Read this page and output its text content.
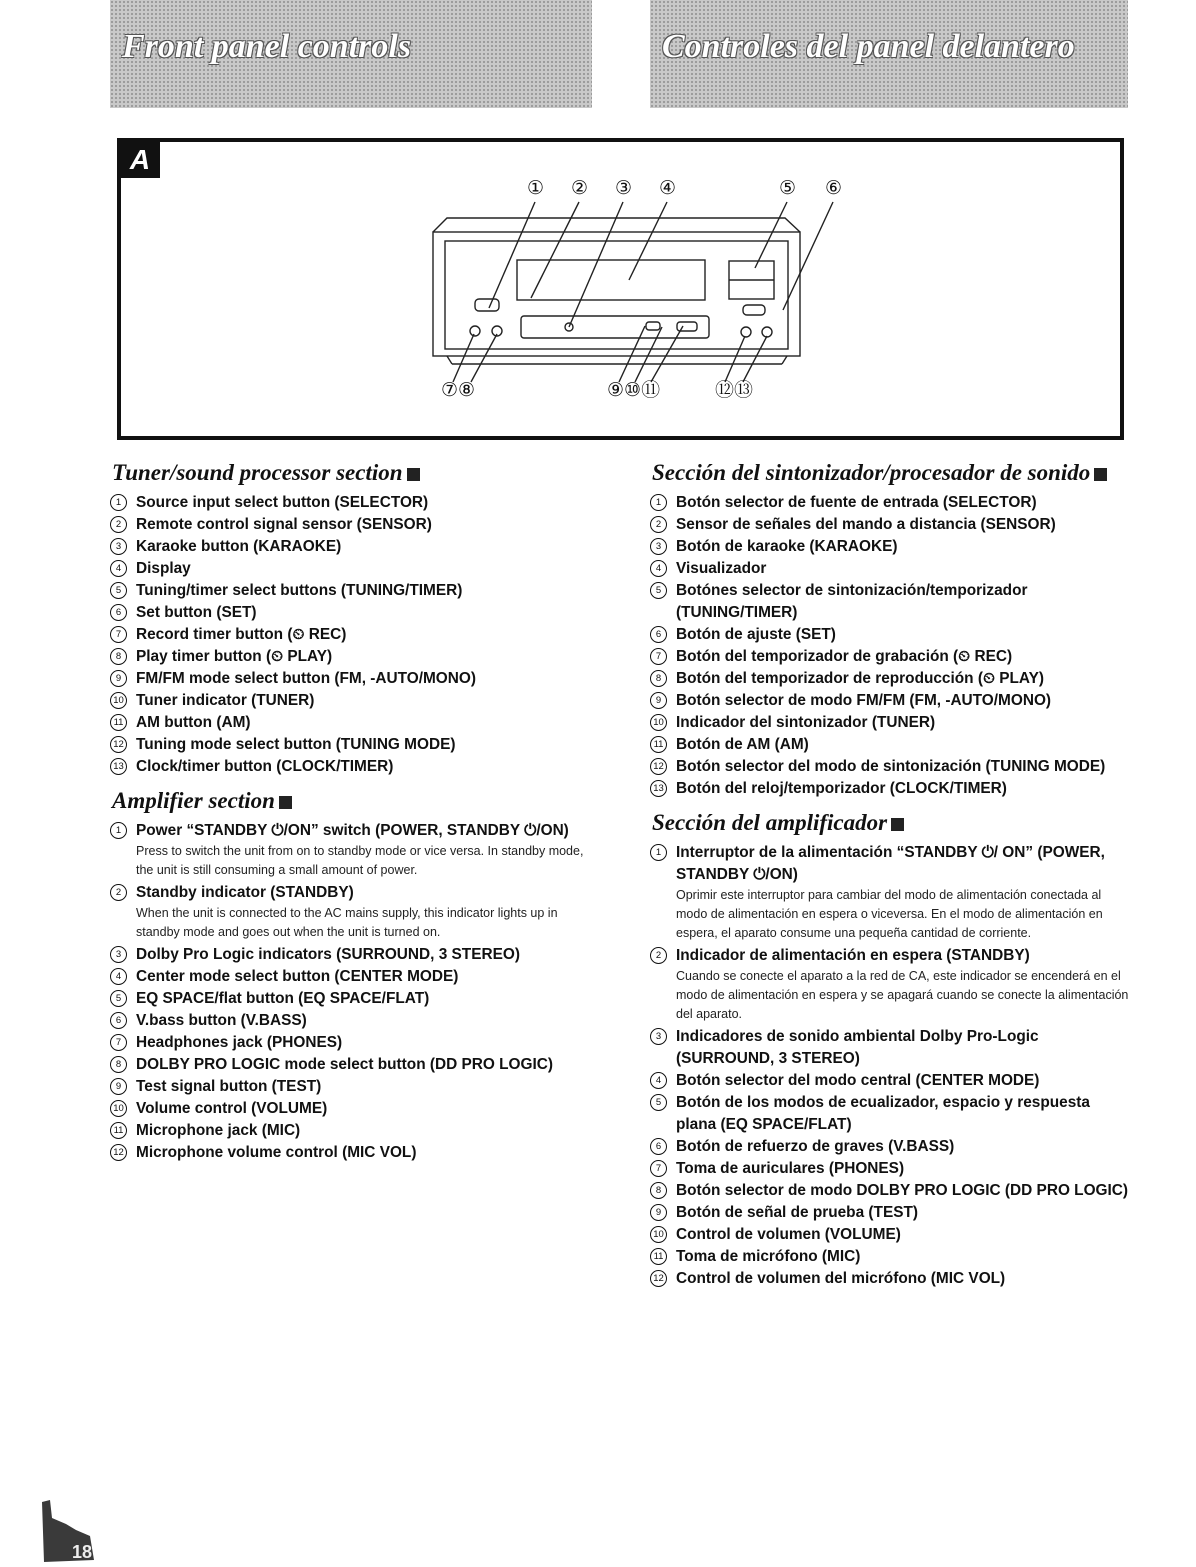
Front panel controls	Controles del panel delantero
A
① ② ③ ④	⑤ ⑥
⑦⑧	⑨⑩⑪	⑫⑬
Tuner/sound processor section
1 Source input select button (SELECTOR)
2 Remote control signal sensor (SENSOR)
3 Karaoke button (KARAOKE)
4 Display
5 Tuning/timer select buttons (TUNING/TIMER)
6 Set button (SET)
7 Record timer button (⏲ REC)
8 Play timer button (⏲ PLAY)
9 FM/FM mode select button (FM, -AUTO/MONO)
10 Tuner indicator (TUNER)
11 AM button (AM)
12 Tuning mode select button (TUNING MODE)
13 Clock/timer button (CLOCK/TIMER)
Amplifier section
1 Power “STANDBY ⏻/ON” switch (POWER, STANDBY ⏻/ON)
Press to switch the unit from on to standby mode or vice versa. In standby mode, the unit is still consuming a small amount of power.
2 Standby indicator (STANDBY)
When the unit is connected to the AC mains supply, this indicator lights up in standby mode and goes out when the unit is turned on.
3 Dolby Pro Logic indicators (SURROUND, 3 STEREO)
4 Center mode select button (CENTER MODE)
5 EQ SPACE/flat button (EQ SPACE/FLAT)
6 V.bass button (V.BASS)
7 Headphones jack (PHONES)
8 DOLBY PRO LOGIC mode select button (DD PRO LOGIC)
9 Test signal button (TEST)
10 Volume control (VOLUME)
11 Microphone jack (MIC)
12 Microphone volume control (MIC VOL)
Sección del sintonizador/procesador de sonido
1 Botón selector de fuente de entrada (SELECTOR)
2 Sensor de señales del mando a distancia (SENSOR)
3 Botón de karaoke (KARAOKE)
4 Visualizador
5 Botónes selector de sintonización/temporizador (TUNING/TIMER)
6 Botón de ajuste (SET)
7 Botón del temporizador de grabación (⏲ REC)
8 Botón del temporizador de reproducción (⏲ PLAY)
9 Botón selector de modo FM/FM (FM, -AUTO/MONO)
10 Indicador del sintonizador (TUNER)
11 Botón de AM (AM)
12 Botón selector del modo de sintonización (TUNING MODE)
13 Botón del reloj/temporizador (CLOCK/TIMER)
Sección del amplificador
1 Interruptor de la alimentación “STANDBY ⏻/ ON” (POWER, STANDBY ⏻/ON)
Oprimir este interruptor para cambiar del modo de alimentación conectada al modo de alimentación en espera o viceversa. En el modo de alimentación en espera, el aparato consume una pequeña cantidad de corriente.
2 Indicador de alimentación en espera (STANDBY)
Cuando se conecte el aparato a la red de CA, este indicador se encenderá en el modo de alimentación en espera y se apagará cuando se conecte la alimentación del aparato.
3 Indicadores de sonido ambiental Dolby Pro-Logic (SURROUND, 3 STEREO)
4 Botón selector del modo central (CENTER MODE)
5 Botón de los modos de ecualizador, espacio y respuesta plana (EQ SPACE/FLAT)
6 Botón de refuerzo de graves (V.BASS)
7 Toma de auriculares (PHONES)
8 Botón selector de modo DOLBY PRO LOGIC (DD PRO LOGIC)
9 Botón de señal de prueba (TEST)
10 Control de volumen (VOLUME)
11 Toma de micrófono (MIC)
12 Control de volumen del micrófono (MIC VOL)
18
